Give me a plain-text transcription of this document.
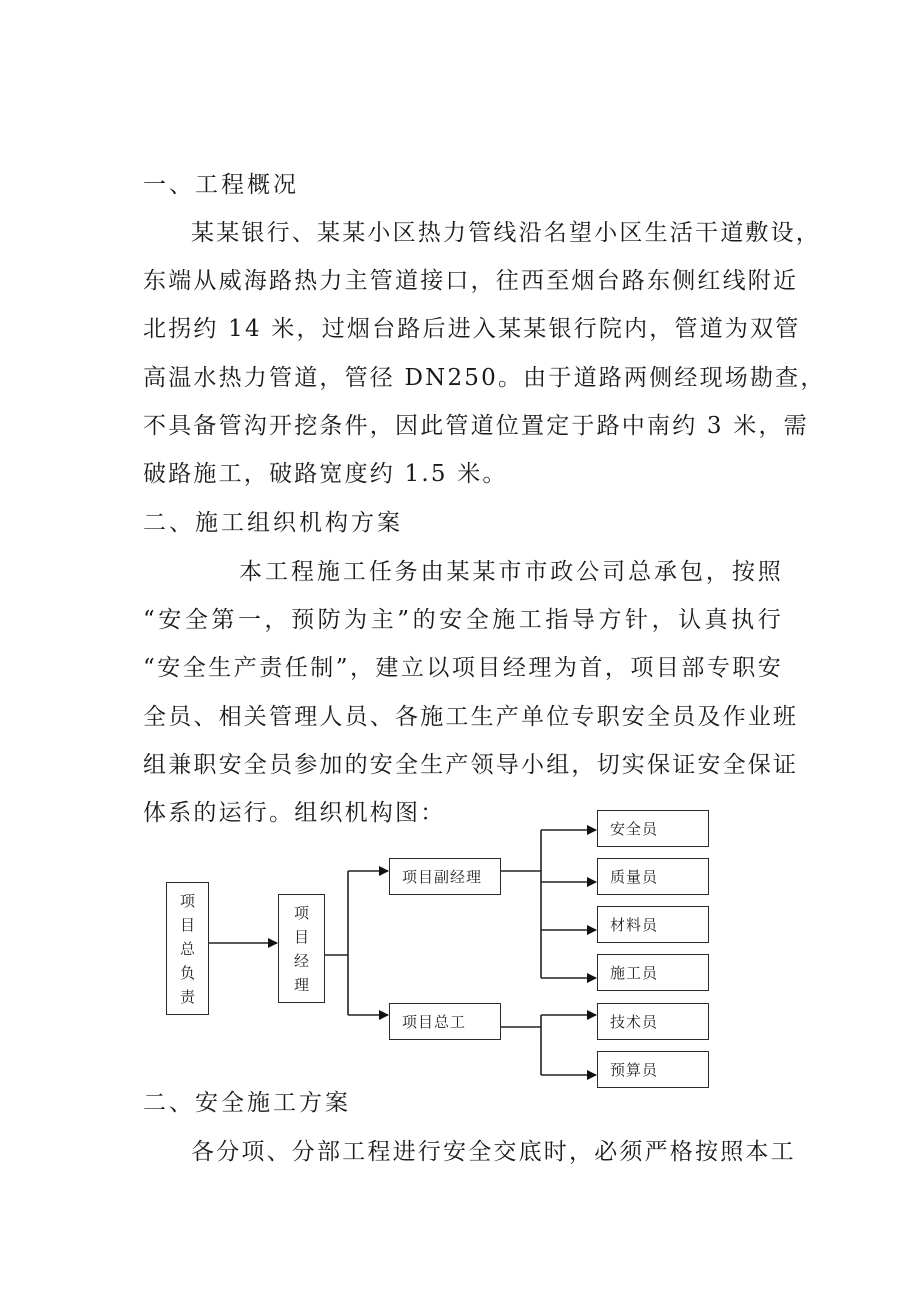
一、工程概况
某某银行、某某小区热力管线沿名望小区生活干道敷设，
东端从威海路热力主管道接口，往西至烟台路东侧红线附近
北拐约 14 米，过烟台路后进入某某银行院内，管道为双管
高温水热力管道，管径 DN250。由于道路两侧经现场勘查，
不具备管沟开挖条件，因此管道位置定于路中南约 3 米，需
破路施工，破路宽度约 1.5 米。
二、施工组织机构方案
本工程施工任务由某某市市政公司总承包，按照
“安全第一，预防为主”的安全施工指导方针，认真执行
“安全生产责任制”，建立以项目经理为首，项目部专职安
全员、相关管理人员、各施工生产单位专职安全员及作业班
组兼职安全员参加的安全生产领导小组，切实保证安全保证
体系的运行。组织机构图：
项
目
总
负
责
项
目
经
理
项目副经理
项目总工
安全员
质量员
材料员
施工员
技术员
预算员
二、安全施工方案
各分项、分部工程进行安全交底时，必须严格按照本工
